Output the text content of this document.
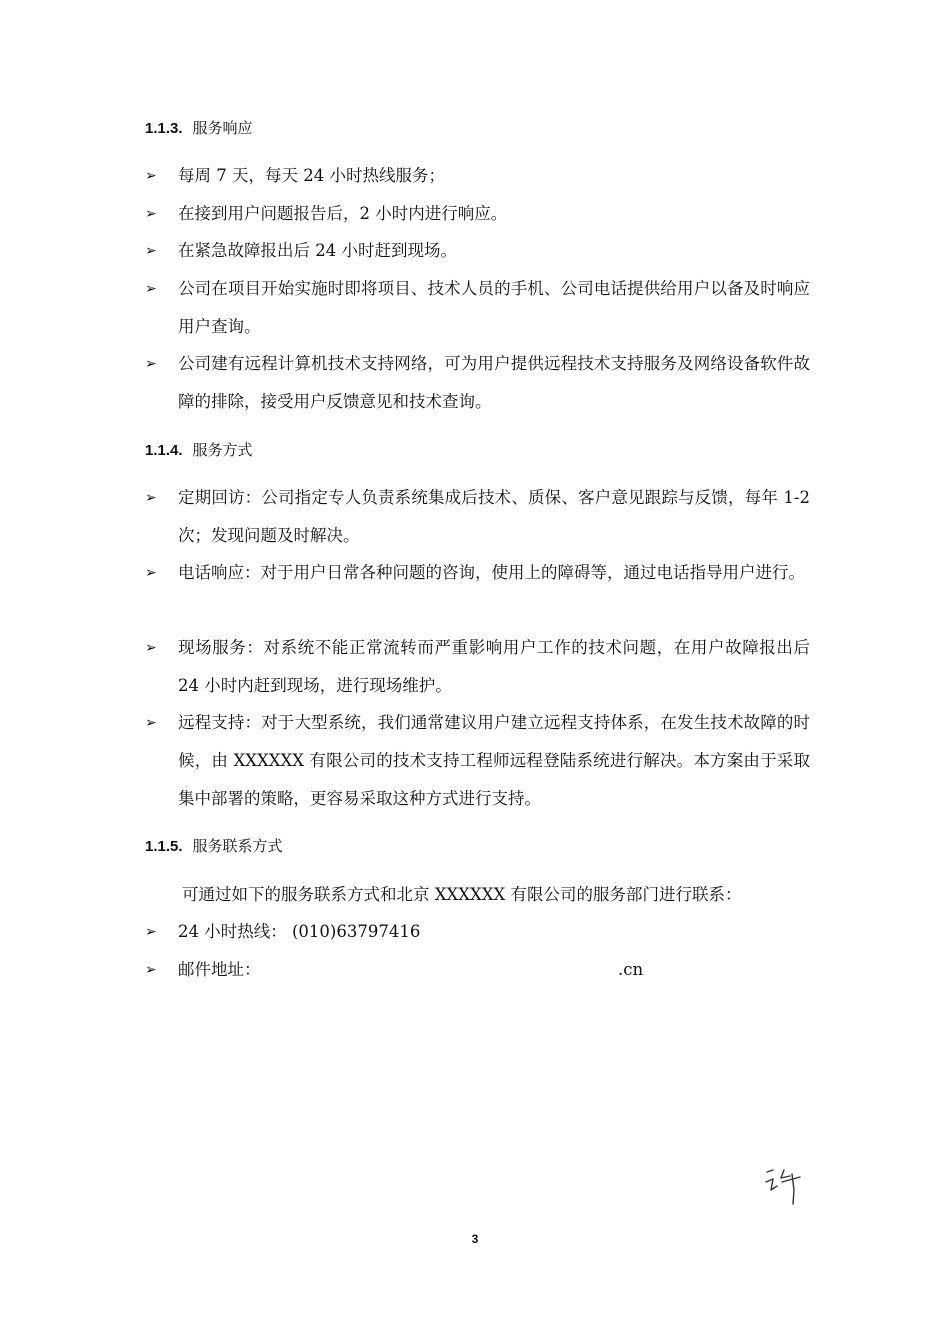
1.1.3. 服务响应
➢ 每周 7 天，每天 24 小时热线服务；
➢ 在接到用户问题报告后，2 小时内进行响应。
➢ 在紧急故障报出后 24 小时赶到现场。
➢ 公司在项目开始实施时即将项目、技术人员的手机、公司电话提供给用户以备及时响应用户查询。
➢ 公司建有远程计算机技术支持网络，可为用户提供远程技术支持服务及网络设备软件故障的排除，接受用户反馈意见和技术查询。
1.1.4. 服务方式
➢ 定期回访：公司指定专人负责系统集成后技术、质保、客户意见跟踪与反馈，每年 1-2 次；发现问题及时解决。
➢ 电话响应：对于用户日常各种问题的咨询，使用上的障碍等，通过电话指导用户进行。
➢ 现场服务：对系统不能正常流转而严重影响用户工作的技术问题，在用户故障报出后 24 小时内赶到现场，进行现场维护。
➢ 远程支持：对于大型系统，我们通常建议用户建立远程支持体系，在发生技术故障的时候，由 XXXXXX 有限公司的技术支持工程师远程登陆系统进行解决。本方案由于采取集中部署的策略，更容易采取这种方式进行支持。
1.1.5. 服务联系方式
可通过如下的服务联系方式和北京 XXXXXX 有限公司的服务部门进行联系：
➢ 24 小时热线： (010)63797416
➢ 邮件地址：	.cn
3
